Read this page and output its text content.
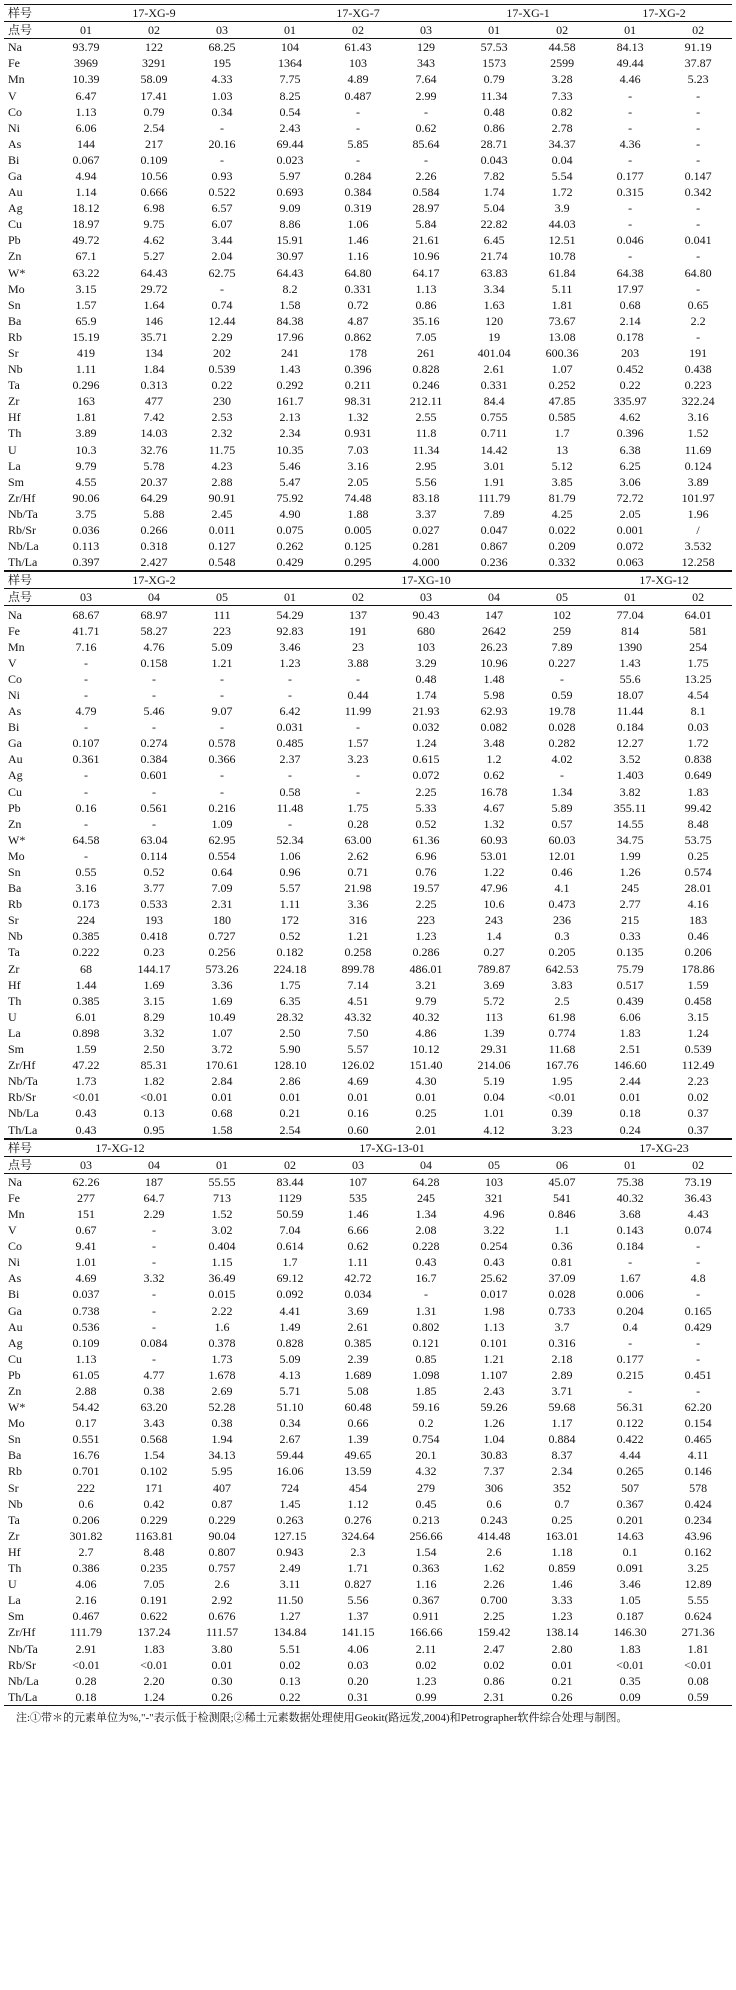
样号	17-XG-9			17-XG-7			17-XG-1		17-XG-2	
点号	01	02	03	01	02	03	01	02	01	02
Na	93.79	122	68.25	104	61.43	129	57.53	44.58	84.13	91.19
Fe	3969	3291	195	1364	103	343	1573	2599	49.44	37.87
Mn	10.39	58.09	4.33	7.75	4.89	7.64	0.79	3.28	4.46	5.23
V	6.47	17.41	1.03	8.25	0.487	2.99	11.34	7.33	-	-
Co	1.13	0.79	0.34	0.54	-	-	0.48	0.82	-	-
Ni	6.06	2.54	-	2.43	-	0.62	0.86	2.78	-	-
As	144	217	20.16	69.44	5.85	85.64	28.71	34.37	4.36	-
Bi	0.067	0.109	-	0.023	-	-	0.043	0.04	-	-
Ga	4.94	10.56	0.93	5.97	0.284	2.26	7.82	5.54	0.177	0.147
Au	1.14	0.666	0.522	0.693	0.384	0.584	1.74	1.72	0.315	0.342
Ag	18.12	6.98	6.57	9.09	0.319	28.97	5.04	3.9	-	-
Cu	18.97	9.75	6.07	8.86	1.06	5.84	22.82	44.03	-	-
Pb	49.72	4.62	3.44	15.91	1.46	21.61	6.45	12.51	0.046	0.041
Zn	67.1	5.27	2.04	30.97	1.16	10.96	21.74	10.78	-	-
W*	63.22	64.43	62.75	64.43	64.80	64.17	63.83	61.84	64.38	64.80
Mo	3.15	29.72	-	8.2	0.331	1.13	3.34	5.11	17.97	-
Sn	1.57	1.64	0.74	1.58	0.72	0.86	1.63	1.81	0.68	0.65
Ba	65.9	146	12.44	84.38	4.87	35.16	120	73.67	2.14	2.2
Rb	15.19	35.71	2.29	17.96	0.862	7.05	19	13.08	0.178	-
Sr	419	134	202	241	178	261	401.04	600.36	203	191
Nb	1.11	1.84	0.539	1.43	0.396	0.828	2.61	1.07	0.452	0.438
Ta	0.296	0.313	0.22	0.292	0.211	0.246	0.331	0.252	0.22	0.223
Zr	163	477	230	161.7	98.31	212.11	84.4	47.85	335.97	322.24
Hf	1.81	7.42	2.53	2.13	1.32	2.55	0.755	0.585	4.62	3.16
Th	3.89	14.03	2.32	2.34	0.931	11.8	0.711	1.7	0.396	1.52
U	10.3	32.76	11.75	10.35	7.03	11.34	14.42	13	6.38	11.69
La	9.79	5.78	4.23	5.46	3.16	2.95	3.01	5.12	6.25	0.124
Sm	4.55	20.37	2.88	5.47	2.05	5.56	1.91	3.85	3.06	3.89
Zr/Hf	90.06	64.29	90.91	75.92	74.48	83.18	111.79	81.79	72.72	101.97
Nb/Ta	3.75	5.88	2.45	4.90	1.88	3.37	7.89	4.25	2.05	1.96
Rb/Sr	0.036	0.266	0.011	0.075	0.005	0.027	0.047	0.022	0.001	/
Nb/La	0.113	0.318	0.127	0.262	0.125	0.281	0.867	0.209	0.072	3.532
Th/La	0.397	2.427	0.548	0.429	0.295	4.000	0.236	0.332	0.063	12.258
样号	17-XG-2			17-XG-10					17-XG-12	
点号	03	04	05	01	02	03	04	05	01	02
Na	68.67	68.97	111	54.29	137	90.43	147	102	77.04	64.01
Fe	41.71	58.27	223	92.83	191	680	2642	259	814	581
Mn	7.16	4.76	5.09	3.46	23	103	26.23	7.89	1390	254
V	-	0.158	1.21	1.23	3.88	3.29	10.96	0.227	1.43	1.75
Co	-	-	-	-	-	0.48	1.48	-	55.6	13.25
Ni	-	-	-	-	0.44	1.74	5.98	0.59	18.07	4.54
As	4.79	5.46	9.07	6.42	11.99	21.93	62.93	19.78	11.44	8.1
Bi	-	-	-	0.031	-	0.032	0.082	0.028	0.184	0.03
Ga	0.107	0.274	0.578	0.485	1.57	1.24	3.48	0.282	12.27	1.72
Au	0.361	0.384	0.366	2.37	3.23	0.615	1.2	4.02	3.52	0.838
Ag	-	0.601	-	-	-	0.072	0.62	-	1.403	0.649
Cu	-	-	-	0.58	-	2.25	16.78	1.34	3.82	1.83
Pb	0.16	0.561	0.216	11.48	1.75	5.33	4.67	5.89	355.11	99.42
Zn	-	-	1.09	-	0.28	0.52	1.32	0.57	14.55	8.48
W*	64.58	63.04	62.95	52.34	63.00	61.36	60.93	60.03	34.75	53.75
Mo	-	0.114	0.554	1.06	2.62	6.96	53.01	12.01	1.99	0.25
Sn	0.55	0.52	0.64	0.96	0.71	0.76	1.22	0.46	1.26	0.574
Ba	3.16	3.77	7.09	5.57	21.98	19.57	47.96	4.1	245	28.01
Rb	0.173	0.533	2.31	1.11	3.36	2.25	10.6	0.473	2.77	4.16
Sr	224	193	180	172	316	223	243	236	215	183
Nb	0.385	0.418	0.727	0.52	1.21	1.23	1.4	0.3	0.33	0.46
Ta	0.222	0.23	0.256	0.182	0.258	0.286	0.27	0.205	0.135	0.206
Zr	68	144.17	573.26	224.18	899.78	486.01	789.87	642.53	75.79	178.86
Hf	1.44	1.69	3.36	1.75	7.14	3.21	3.69	3.83	0.517	1.59
Th	0.385	3.15	1.69	6.35	4.51	9.79	5.72	2.5	0.439	0.458
U	6.01	8.29	10.49	28.32	43.32	40.32	113	61.98	6.06	3.15
La	0.898	3.32	1.07	2.50	7.50	4.86	1.39	0.774	1.83	1.24
Sm	1.59	2.50	3.72	5.90	5.57	10.12	29.31	11.68	2.51	0.539
Zr/Hf	47.22	85.31	170.61	128.10	126.02	151.40	214.06	167.76	146.60	112.49
Nb/Ta	1.73	1.82	2.84	2.86	4.69	4.30	5.19	1.95	2.44	2.23
Rb/Sr	<0.01	<0.01	0.01	0.01	0.01	0.01	0.04	<0.01	0.01	0.02
Nb/La	0.43	0.13	0.68	0.21	0.16	0.25	1.01	0.39	0.18	0.37
Th/La	0.43	0.95	1.58	2.54	0.60	2.01	4.12	3.23	0.24	0.37
样号	17-XG-12		17-XG-13-01						17-XG-23	
点号	03	04	01	02	03	04	05	06	01	02
Na	62.26	187	55.55	83.44	107	64.28	103	45.07	75.38	73.19
Fe	277	64.7	713	1129	535	245	321	541	40.32	36.43
Mn	151	2.29	1.52	50.59	1.46	1.34	4.96	0.846	3.68	4.43
V	0.67	-	3.02	7.04	6.66	2.08	3.22	1.1	0.143	0.074
Co	9.41	-	0.404	0.614	0.62	0.228	0.254	0.36	0.184	-
Ni	1.01	-	1.15	1.7	1.11	0.43	0.43	0.81	-	-
As	4.69	3.32	36.49	69.12	42.72	16.7	25.62	37.09	1.67	4.8
Bi	0.037	-	0.015	0.092	0.034	-	0.017	0.028	0.006	-
Ga	0.738	-	2.22	4.41	3.69	1.31	1.98	0.733	0.204	0.165
Au	0.536	-	1.6	1.49	2.61	0.802	1.13	3.7	0.4	0.429
Ag	0.109	0.084	0.378	0.828	0.385	0.121	0.101	0.316	-	-
Cu	1.13	-	1.73	5.09	2.39	0.85	1.21	2.18	0.177	-
Pb	61.05	4.77	1.678	4.13	1.689	1.098	1.107	2.89	0.215	0.451
Zn	2.88	0.38	2.69	5.71	5.08	1.85	2.43	3.71	-	-
W*	54.42	63.20	52.28	51.10	60.48	59.16	59.26	59.68	56.31	62.20
Mo	0.17	3.43	0.38	0.34	0.66	0.2	1.26	1.17	0.122	0.154
Sn	0.551	0.568	1.94	2.67	1.39	0.754	1.04	0.884	0.422	0.465
Ba	16.76	1.54	34.13	59.44	49.65	20.1	30.83	8.37	4.44	4.11
Rb	0.701	0.102	5.95	16.06	13.59	4.32	7.37	2.34	0.265	0.146
Sr	222	171	407	724	454	279	306	352	507	578
Nb	0.6	0.42	0.87	1.45	1.12	0.45	0.6	0.7	0.367	0.424
Ta	0.206	0.229	0.229	0.263	0.276	0.213	0.243	0.25	0.201	0.234
Zr	301.82	1163.81	90.04	127.15	324.64	256.66	414.48	163.01	14.63	43.96
Hf	2.7	8.48	0.807	0.943	2.3	1.54	2.6	1.18	0.1	0.162
Th	0.386	0.235	0.757	2.49	1.71	0.363	1.62	0.859	0.091	3.25
U	4.06	7.05	2.6	3.11	0.827	1.16	2.26	1.46	3.46	12.89
La	2.16	0.191	2.92	11.50	5.56	0.367	0.700	3.33	1.05	5.55
Sm	0.467	0.622	0.676	1.27	1.37	0.911	2.25	1.23	0.187	0.624
Zr/Hf	111.79	137.24	111.57	134.84	141.15	166.66	159.42	138.14	146.30	271.36
Nb/Ta	2.91	1.83	3.80	5.51	4.06	2.11	2.47	2.80	1.83	1.81
Rb/Sr	<0.01	<0.01	0.01	0.02	0.03	0.02	0.02	0.01	<0.01	<0.01
Nb/La	0.28	2.20	0.30	0.13	0.20	1.23	0.86	0.21	0.35	0.08
Th/La	0.18	1.24	0.26	0.22	0.31	0.99	2.31	0.26	0.09	0.59
注:①带＊的元素单位为%,"-"表示低于检测限;②稀土元素数据处理使用Geokit(路远发,2004)和Petrographer软件综合处理与制图。
